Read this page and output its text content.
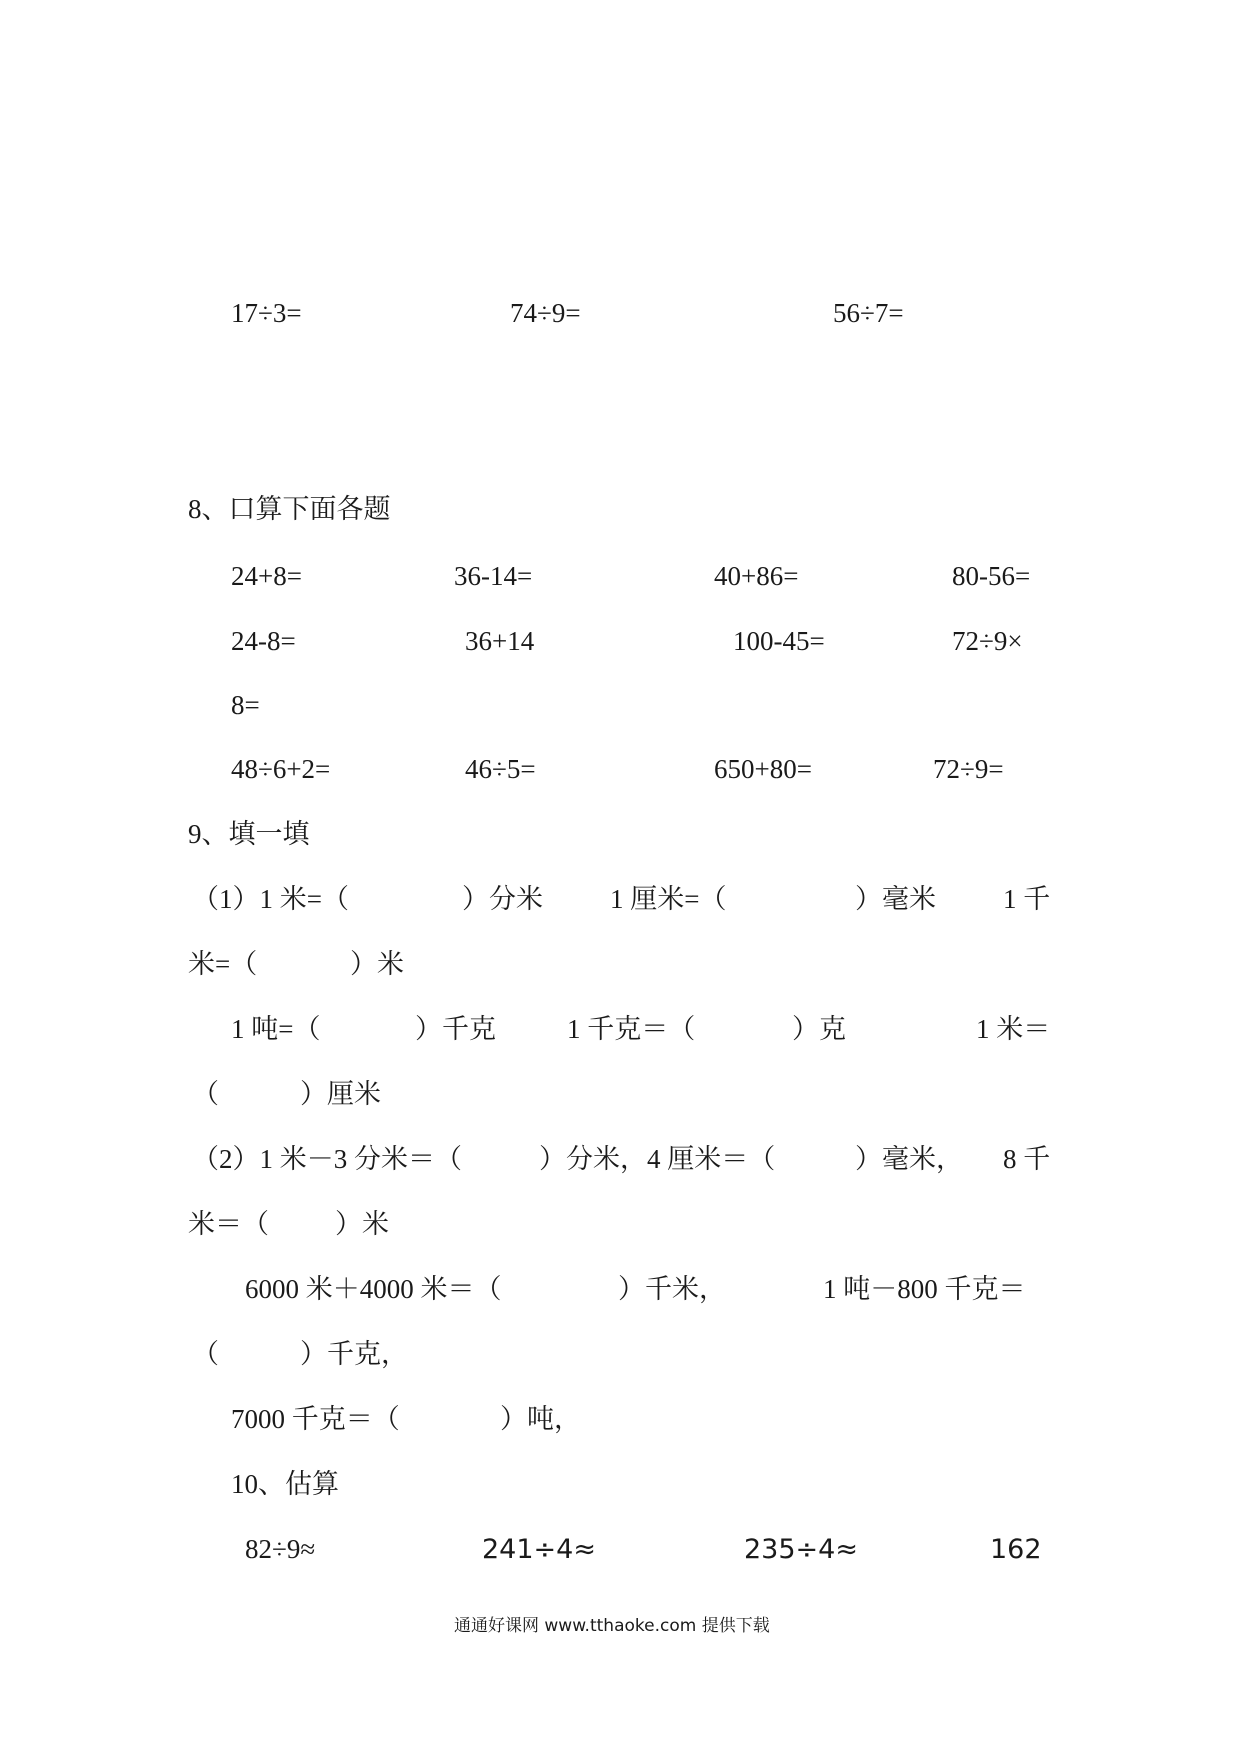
17÷3=	74÷9=	56÷7=
8、口算下面各题
24+8=	36-14=	40+86=	80-56=
24-8=	36+14	100-45=	72÷9×
8=
48÷6+2=	46÷5=	650+80=	72÷9=
9、填一填
（1）1 米=（	）分米 1 厘米=（	）毫米 1 千
米=（	）米
1 吨=（	）千克	1 千克＝（	）克	1 米＝
（	）厘米
（2）1 米－3 分米＝（	）分米，4 厘米＝（	）毫米， 8 千
米＝（ ）米
6000 米＋4000 米＝（	）千米，	1 吨－800 千克＝
（	）千克，
7000 千克＝（	）吨，
10、估算
82÷9≈	241÷4≈	235÷4≈	162
通通好课网 www.tthaoke.com 提供下载
